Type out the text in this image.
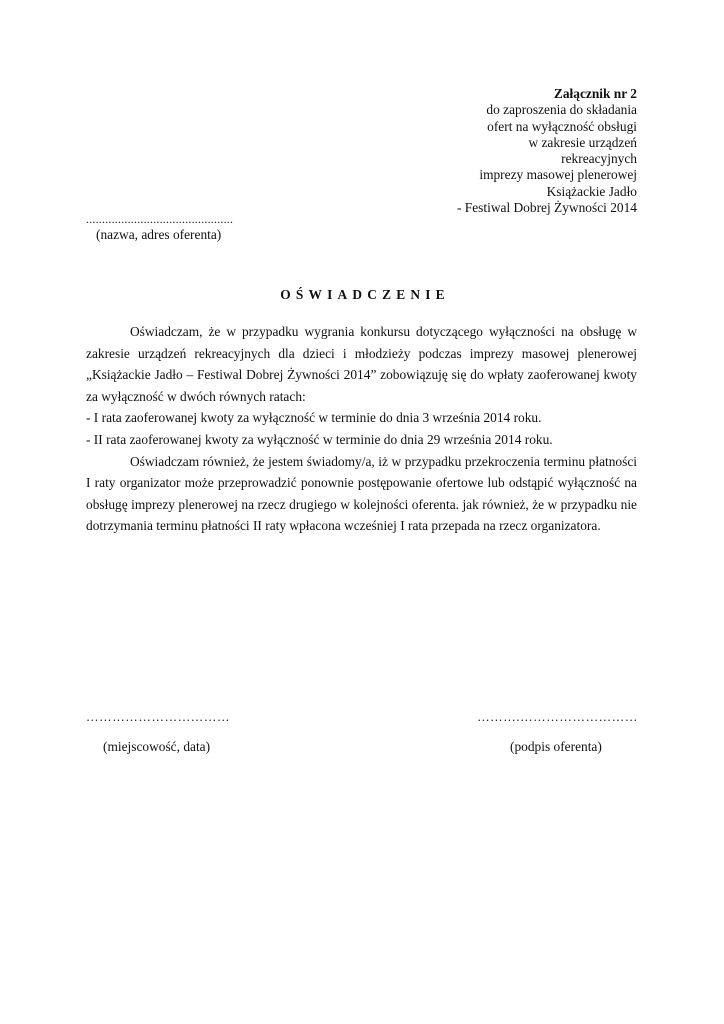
Załącznik nr 2
do zaproszenia do składania
ofert na wyłączność obsługi
w zakresie urządzeń
rekreacyjnych
imprezy masowej plenerowej
Książackie Jadło
- Festiwal Dobrej Żywności 2014
..............................................
(nazwa, adres oferenta)
OŚWIADCZENIE

Oświadczam, że w przypadku wygrania konkursu dotyczącego wyłączności na obsługę w zakresie urządzeń rekreacyjnych dla dzieci i młodzieży podczas imprezy masowej plenerowej „Książackie Jadło – Festiwal Dobrej Żywności 2014” zobowiązuję się do wpłaty zaoferowanej kwoty za wyłączność w dwóch równych ratach:

- I rata zaoferowanej kwoty za wyłączność w terminie do dnia 3 września 2014 roku.

- II rata zaoferowanej kwoty za wyłączność w terminie do dnia 29 września 2014 roku.

Oświadczam również, że jestem świadomy/a, iż w przypadku przekroczenia terminu płatności I raty organizator może przeprowadzić ponownie postępowanie ofertowe lub odstąpić wyłączność na obsługę imprezy plenerowej na rzecz drugiego w kolejności oferenta. jak również, że w przypadku nie dotrzymania terminu płatności II raty wpłacona wcześniej I rata przepada na rzecz organizatora.

……………………………	……….………………………
(miejscowość, data)	(podpis oferenta)
